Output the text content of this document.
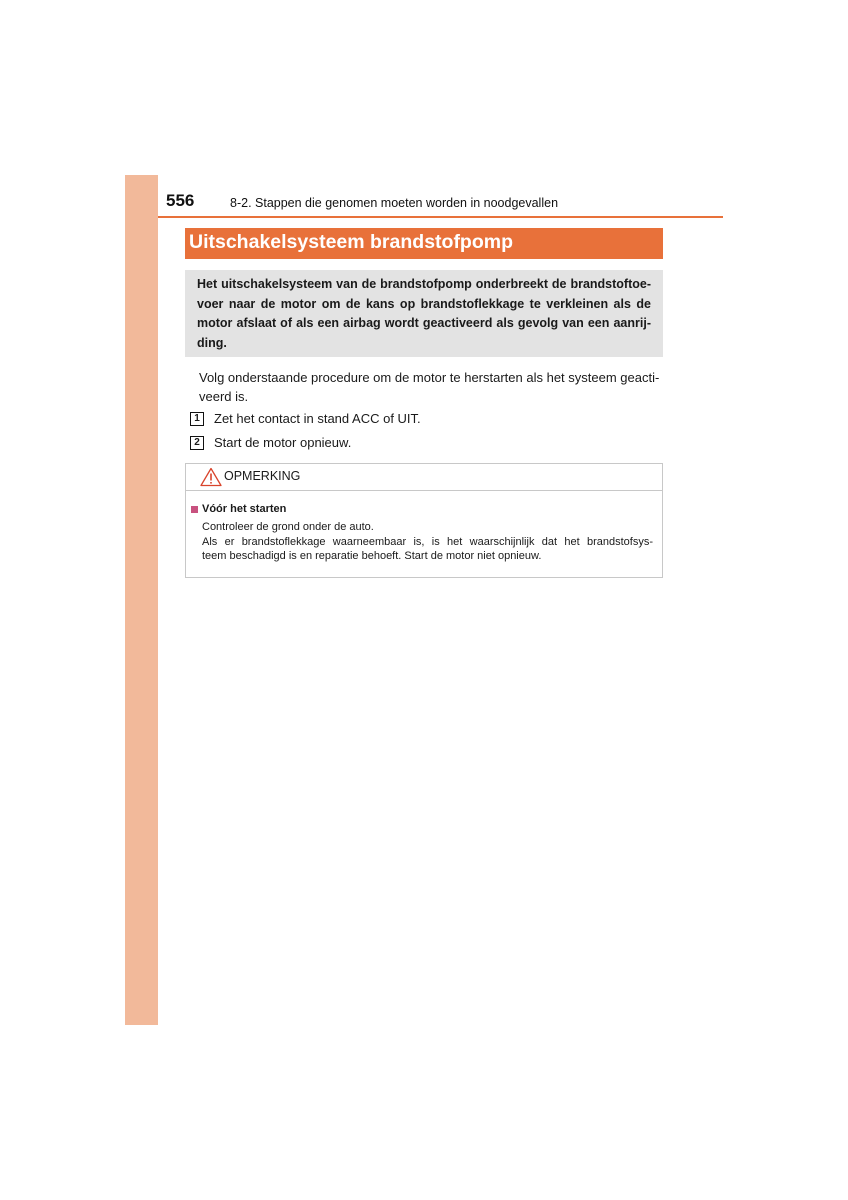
556	8-2. Stappen die genomen moeten worden in noodgevallen
Uitschakelsysteem brandstofpomp
Het uitschakelsysteem van de brandstofpomp onderbreekt de brandstoftoe-
voer naar de motor om de kans op brandstoflekkage te verkleinen als de
motor afslaat of als een airbag wordt geactiveerd als gevolg van een aanrij-
ding.
Volg onderstaande procedure om de motor te herstarten als het systeem geacti-
veerd is.
1	Zet het contact in stand ACC of UIT.
2	Start de motor opnieuw.
OPMERKING
Vóór het starten
Controleer de grond onder de auto.
Als er brandstoflekkage waarneembaar is, is het waarschijnlijk dat het brandstofsys-
teem beschadigd is en reparatie behoeft. Start de motor niet opnieuw.
